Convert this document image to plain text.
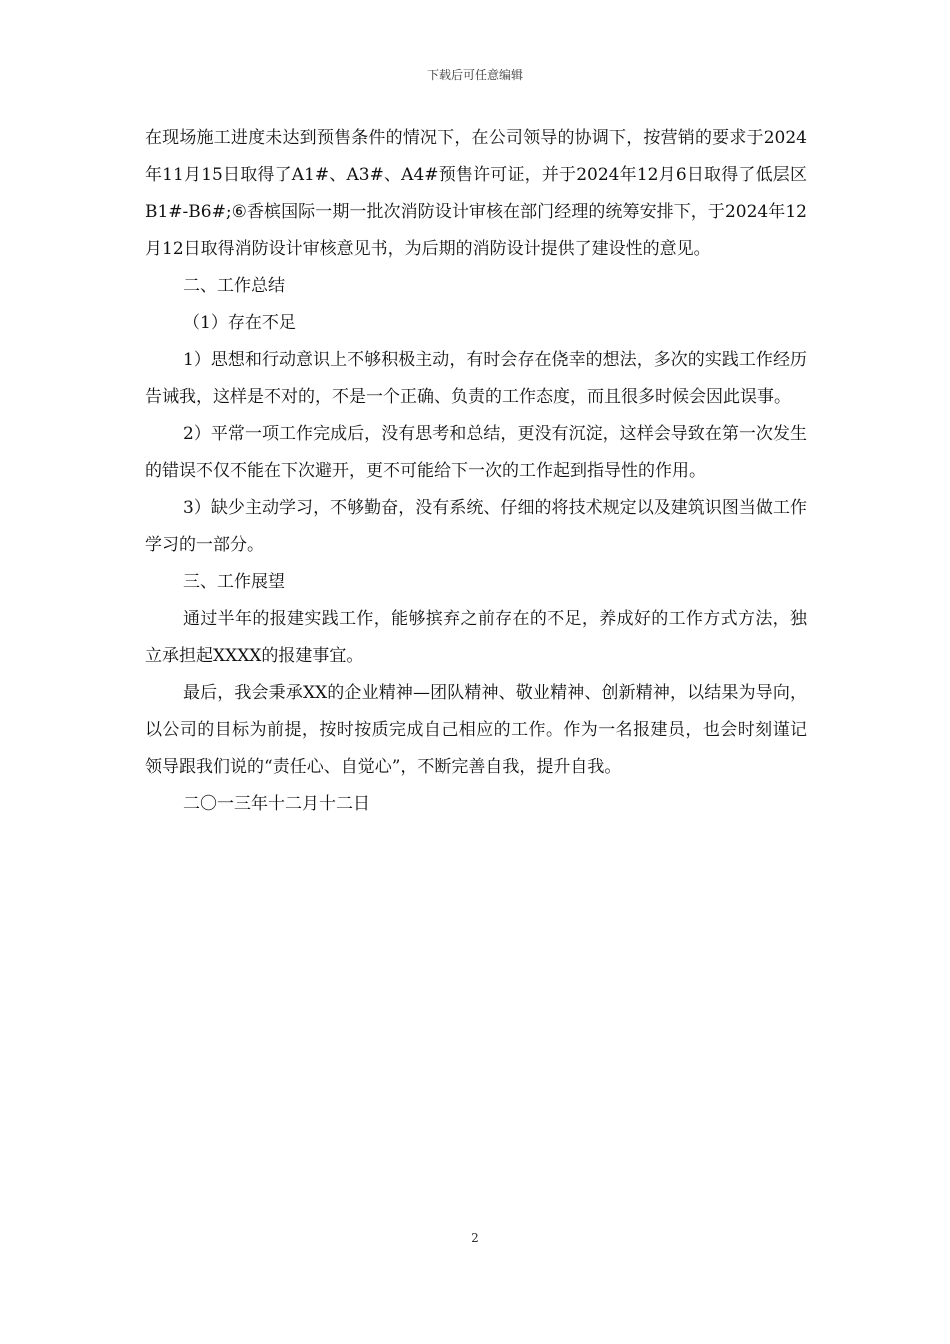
下载后可任意编辑

在现场施工进度未达到预售条件的情况下，在公司领导的协调下，按营销的要求于2024年11月15日取得了A1#、A3#、A4#预售许可证，并于2024年12月6日取得了低层区B1#-B6#;⑥香槟国际一期一批次消防设计审核在部门经理的统筹安排下，于2024年12月12日取得消防设计审核意见书，为后期的消防设计提供了建设性的意见。

二、工作总结

（1）存在不足

1）思想和行动意识上不够积极主动，有时会存在侥幸的想法，多次的实践工作经历告诫我，这样是不对的，不是一个正确、负责的工作态度，而且很多时候会因此误事。

2）平常一项工作完成后，没有思考和总结，更没有沉淀，这样会导致在第一次发生的错误不仅不能在下次避开，更不可能给下一次的工作起到指导性的作用。

3）缺少主动学习，不够勤奋，没有系统、仔细的将技术规定以及建筑识图当做工作学习的一部分。

三、工作展望

通过半年的报建实践工作，能够摈弃之前存在的不足，养成好的工作方式方法，独立承担起XXXX的报建事宜。

最后，我会秉承XX的企业精神—团队精神、敬业精神、创新精神，以结果为导向，以公司的目标为前提，按时按质完成自己相应的工作。作为一名报建员，也会时刻谨记领导跟我们说的“责任心、自觉心”，不断完善自我，提升自我。

二〇一三年十二月十二日

2
